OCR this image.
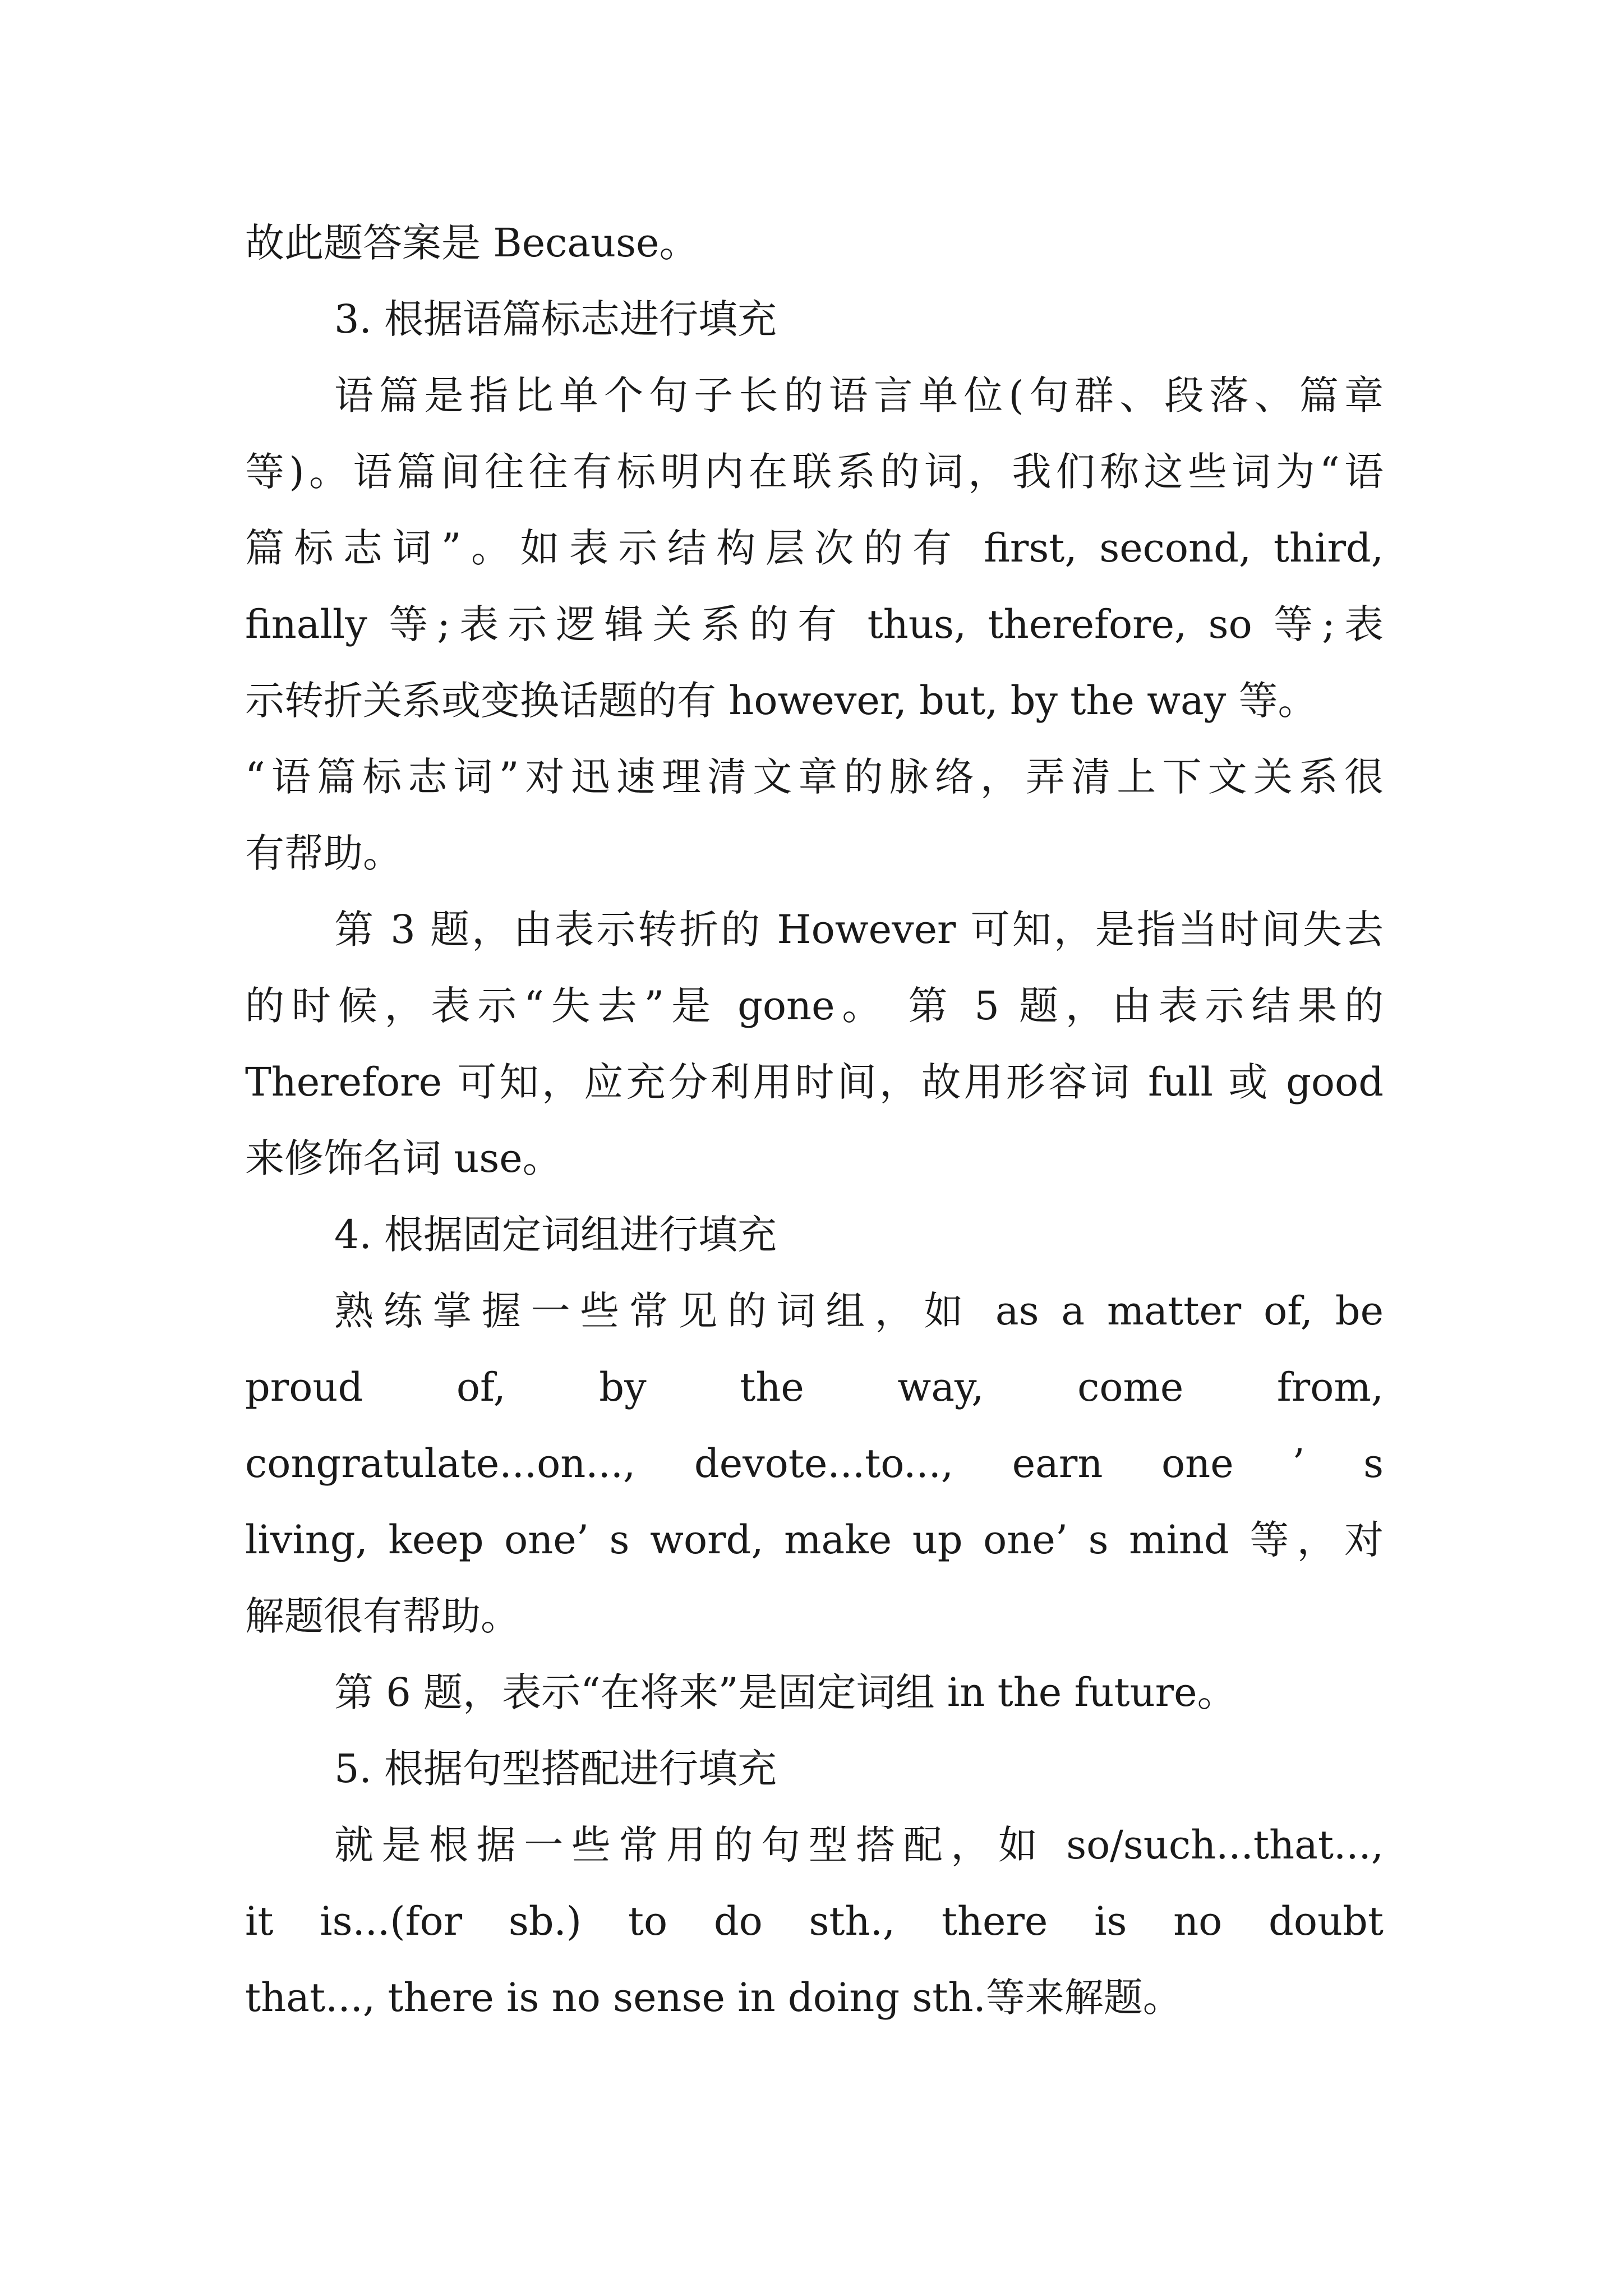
故此题答案是 Because。
3. 根据语篇标志进行填充
语篇是指比单个句子长的语言单位(句群、段落、篇章
等)。语篇间往往有标明内在联系的词，我们称这些词为“语
篇标志词”。如表示结构层次的有 first, second, third,
finally 等;表示逻辑关系的有 thus, therefore, so 等;表
示转折关系或变换话题的有 however, but, by the way 等。
“语篇标志词”对迅速理清文章的脉络，弄清上下文关系很
有帮助。
第 3 题，由表示转折的 However 可知，是指当时间失去
的时候，表示“失去”是 gone。 第 5 题，由表示结果的
Therefore 可知，应充分利用时间，故用形容词 full 或 good
来修饰名词 use。
4. 根据固定词组进行填充
熟练掌握一些常见的词组，如 as a matter of, be
proud of, by the way, come from,
congratulate...on..., devote...to..., earn one ’ s
living, keep one’ s word, make up one’ s mind 等，对
解题很有帮助。
第 6 题，表示“在将来”是固定词组 in the future。
5. 根据句型搭配进行填充
就是根据一些常用的句型搭配，如 so/such...that...,
it is...(for sb.) to do sth., there is no doubt
that..., there is no sense in doing sth.等来解题。
